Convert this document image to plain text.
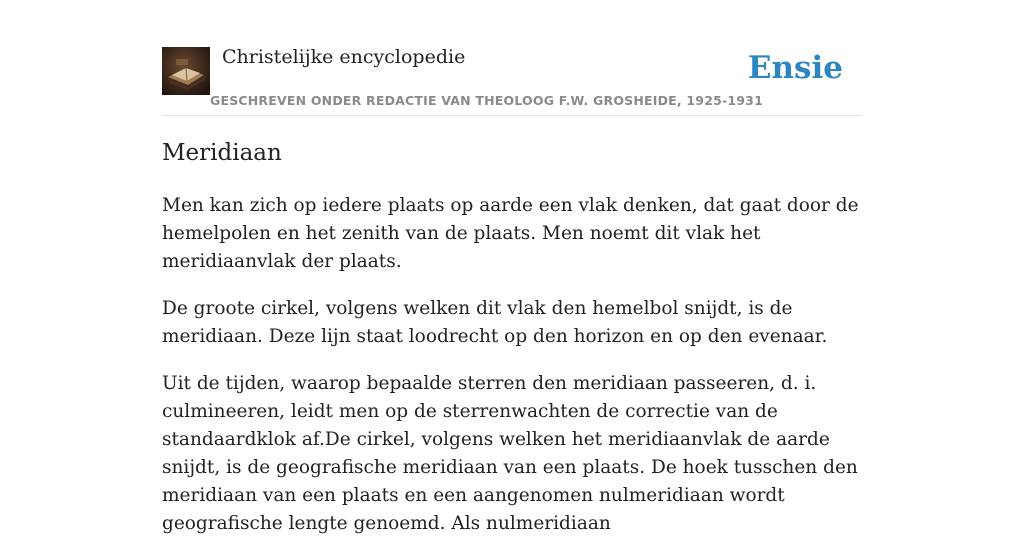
Christelijke encyclopedie
GESCHREVEN ONDER REDACTIE VAN THEOLOOG F.W. GROSHEIDE, 1925-1931
Ensie
Meridiaan

Men kan zich op iedere plaats op aarde een vlak denken, dat gaat door de hemelpolen en het zenith van de plaats. Men noemt dit vlak het meridiaanvlak der plaats.

De groote cirkel, volgens welken dit vlak den hemelbol snijdt, is de meridiaan. Deze lijn staat loodrecht op den horizon en op den evenaar.

Uit de tijden, waarop bepaalde sterren den meridiaan passeeren, d. i. culmineeren, leidt men op de sterrenwachten de correctie van de standaardklok af.De cirkel, volgens welken het meridiaanvlak de aarde snijdt, is de geografische meridiaan van een plaats. De hoek tusschen den meridiaan van een plaats en een aangenomen nulmeridiaan wordt geografische lengte genoemd. Als nulmeridiaan
